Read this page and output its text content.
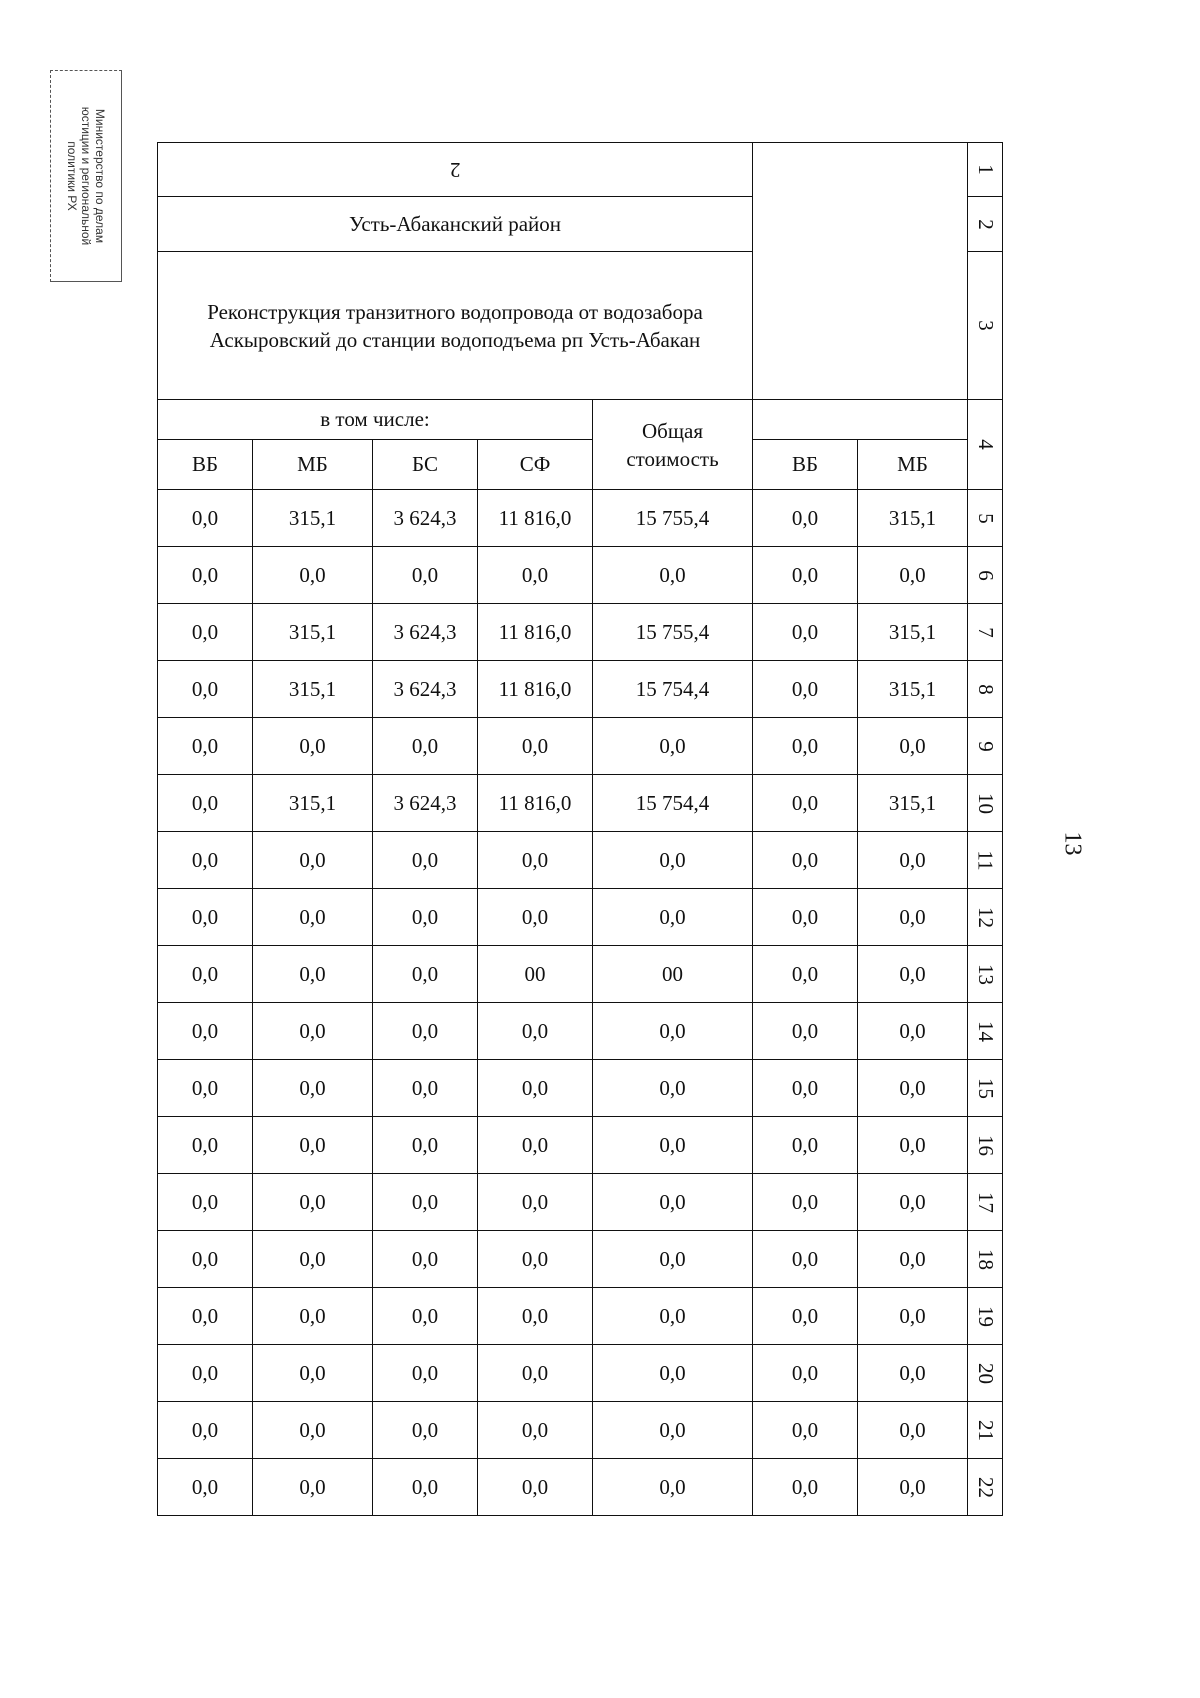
Министерство по делам
юстиции и региональной
политики РХ
13
2							1
Усть-Абаканский район							2
Реконструкция транзитного водопровода от водозабора
Аскыровский до станции водоподъема рп Усть-Абакан							3
в том числе:				Общая
стоимость			4
ВБ	МБ	БС	СФ		ВБ	МБ	
0,0	315,1	3 624,3	11 816,0	15 755,4	0,0	315,1	5
0,0	0,0	0,0	0,0	0,0	0,0	0,0	6
0,0	315,1	3 624,3	11 816,0	15 755,4	0,0	315,1	7
0,0	315,1	3 624,3	11 816,0	15 754,4	0,0	315,1	8
0,0	0,0	0,0	0,0	0,0	0,0	0,0	9
0,0	315,1	3 624,3	11 816,0	15 754,4	0,0	315,1	10
0,0	0,0	0,0	0,0	0,0	0,0	0,0	11
0,0	0,0	0,0	0,0	0,0	0,0	0,0	12
0,0	0,0	0,0	00	00	0,0	0,0	13
0,0	0,0	0,0	0,0	0,0	0,0	0,0	14
0,0	0,0	0,0	0,0	0,0	0,0	0,0	15
0,0	0,0	0,0	0,0	0,0	0,0	0,0	16
0,0	0,0	0,0	0,0	0,0	0,0	0,0	17
0,0	0,0	0,0	0,0	0,0	0,0	0,0	18
0,0	0,0	0,0	0,0	0,0	0,0	0,0	19
0,0	0,0	0,0	0,0	0,0	0,0	0,0	20
0,0	0,0	0,0	0,0	0,0	0,0	0,0	21
0,0	0,0	0,0	0,0	0,0	0,0	0,0	22
